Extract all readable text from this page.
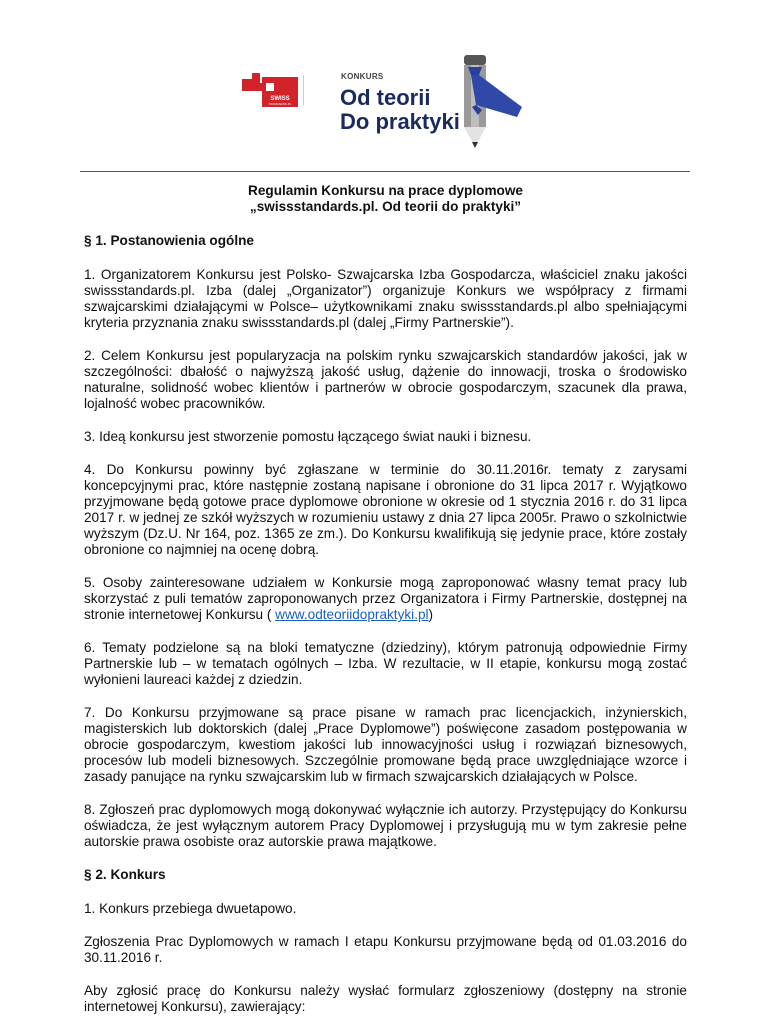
SWISS
STANDARDS.PL
KONKURS
Od teorii
Do praktyki
Regulamin Konkursu na prace dyplomowe
„swissstandards.pl. Od teorii do praktyki”
§ 1. Postanowienia ogólne

1. Organizatorem Konkursu jest Polsko- Szwajcarska Izba Gospodarcza, właściciel znaku jakości swissstandards.pl. Izba (dalej „Organizator”) organizuje Konkurs we współpracy z firmami szwajcarskimi działającymi w Polsce– użytkownikami znaku swissstandards.pl albo spełniającymi kryteria przyznania znaku swissstandards.pl (dalej „Firmy Partnerskie”).

2. Celem Konkursu jest popularyzacja na polskim rynku szwajcarskich standardów jakości, jak w szczególności: dbałość o najwyższą jakość usług, dążenie do innowacji, troska o środowisko naturalne, solidność wobec klientów i partnerów w obrocie gospodarczym, szacunek dla prawa, lojalność wobec pracowników.

3. Ideą konkursu jest stworzenie pomostu łączącego świat nauki i biznesu.

4. Do Konkursu powinny być zgłaszane w terminie do 30.11.2016r. tematy z zarysami koncepcyjnymi prac, które następnie zostaną napisane i obronione do 31 lipca 2017 r. Wyjątkowo przyjmowane będą gotowe prace dyplomowe obronione w okresie od 1 stycznia 2016 r. do 31 lipca 2017 r. w jednej ze szkół wyższych w rozumieniu ustawy z dnia 27 lipca 2005r. Prawo o szkolnictwie wyższym (Dz.U. Nr 164, poz. 1365 ze zm.). Do Konkursu kwalifikują się jedynie prace, które zostały obronione co najmniej na ocenę dobrą.

5. Osoby zainteresowane udziałem w Konkursie mogą zaproponować własny temat pracy lub skorzystać z puli tematów zaproponowanych przez Organizatora i Firmy Partnerskie, dostępnej na stronie internetowej Konkursu ( www.odteoriidopraktyki.pl)

6. Tematy podzielone są na bloki tematyczne (dziedziny), którym patronują odpowiednie Firmy Partnerskie lub – w tematach ogólnych – Izba. W rezultacie, w II etapie, konkursu mogą zostać wyłonieni laureaci każdej z dziedzin.

7. Do Konkursu przyjmowane są prace pisane w ramach prac licencjackich, inżynierskich, magisterskich lub doktorskich (dalej „Prace Dyplomowe”) poświęcone zasadom postępowania w obrocie gospodarczym, kwestiom jakości lub innowacyjności usług i rozwiązań biznesowych, procesów lub modeli biznesowych. Szczególnie promowane będą prace uwzględniające wzorce i zasady panujące na rynku szwajcarskim lub w firmach szwajcarskich działających w Polsce.

8. Zgłoszeń prac dyplomowych mogą dokonywać wyłącznie ich autorzy. Przystępujący do Konkursu oświadcza, że jest wyłącznym autorem Pracy Dyplomowej i przysługują mu w tym zakresie pełne autorskie prawa osobiste oraz autorskie prawa majątkowe.

§ 2. Konkurs

1. Konkurs przebiega dwuetapowo.

Zgłoszenia Prac Dyplomowych w ramach I etapu Konkursu przyjmowane będą od 01.03.2016 do 30.11.2016 r.

Aby zgłosić pracę do Konkursu należy wysłać formularz zgłoszeniowy (dostępny na stronie internetowej Konkursu), zawierający:
